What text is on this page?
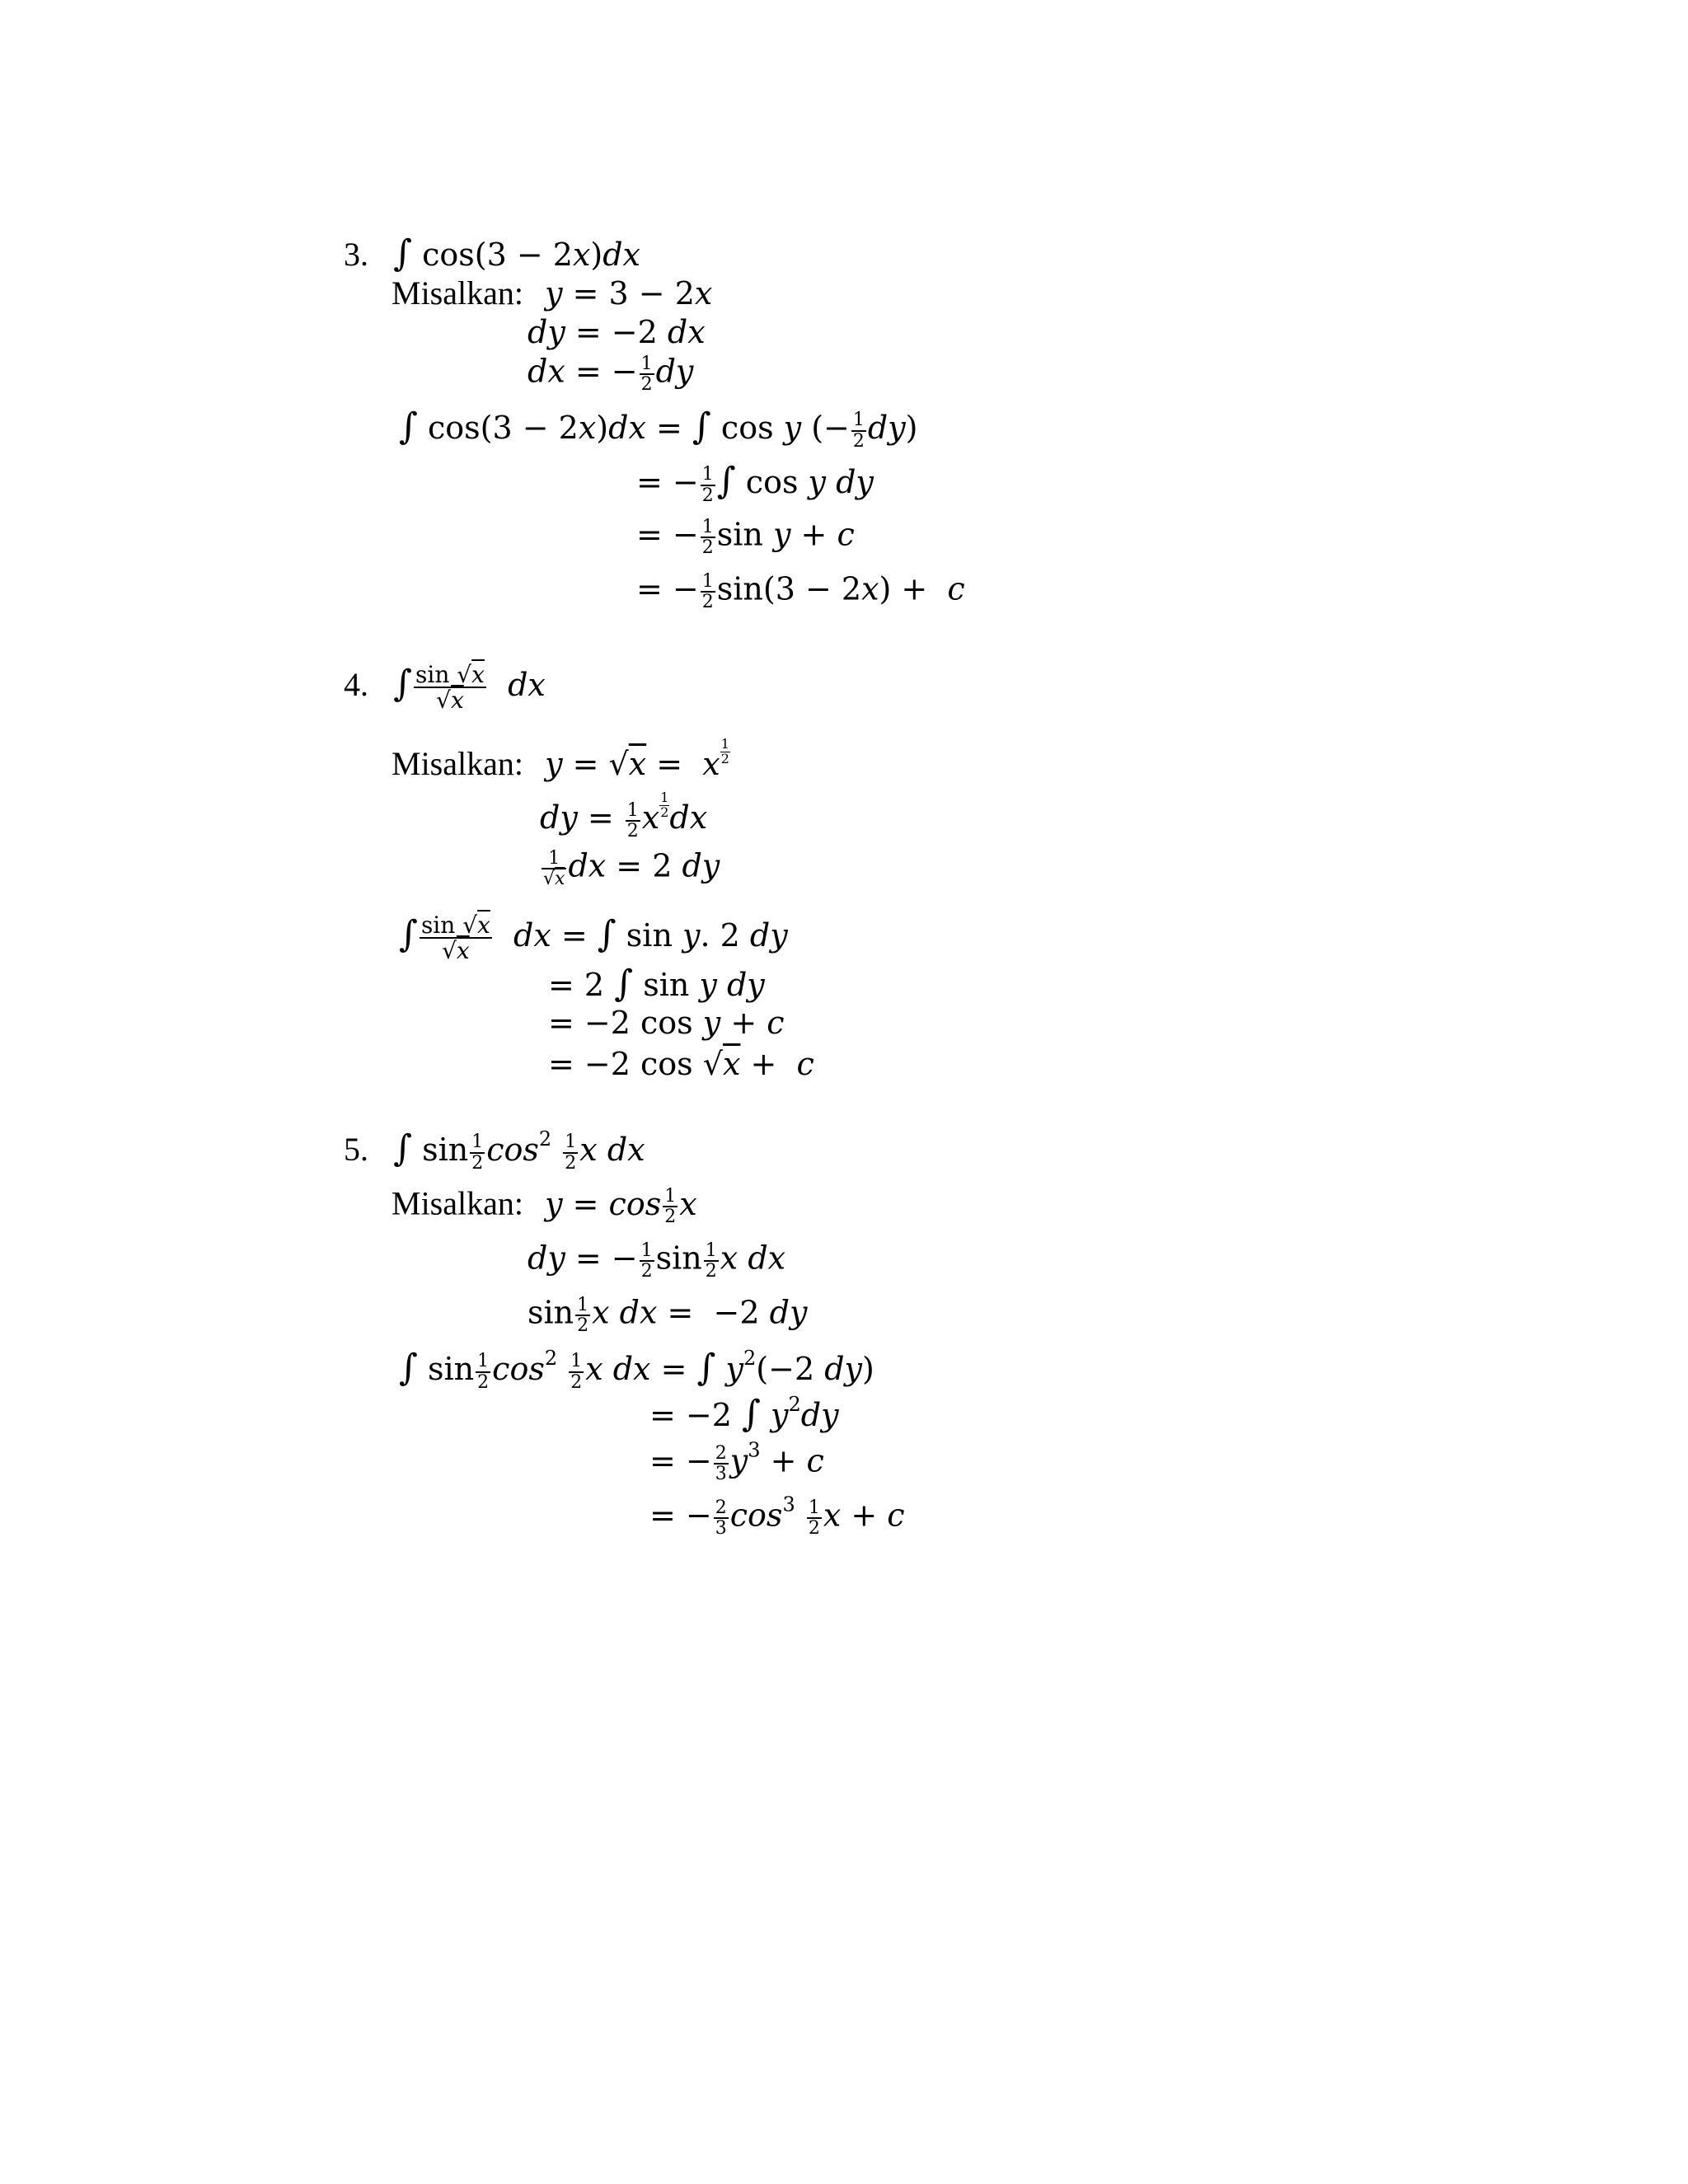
3. ∫ cos(3 − 2x)dx
Misalkan: y = 3 − 2x
dy = −2 dx
dx = − $\frac{1}{2}$ dy
∫ cos(3 − 2x)dx = ∫ cos y (− $\frac{1}{2} dy$)
= − $\frac{1}{2}$ ∫ cos y dy
= − $\frac{1}{2}$ sin y + c
= − $\frac{1}{2} \sin(3 - 2x) + c$
4. ∫ $\frac{\sin √x}{√x}$ dx
Misalkan: y = √x =  x $\frac{1}{2}$
dy = $\frac{1}{2}$ x $\frac{1}{2}$ dx
$\frac{1}{√x}$ dx = 2 dy
∫ $\frac{\sin √x}{√x}$ dx = ∫ sin y. 2 dy
= 2 ∫ sin y dy
= −2 cos y + c
= −2 cos √x +  c
5. ∫ $\sin \frac{1}{2} \cos^2 \frac{1}{2}$ x dx
Misalkan: $y = \cos \frac{1}{2}$ x
dy = − $\frac{1}{2}$ $\sin \frac{1}{2}$ x dx
$\sin \frac{1}{2}$ x dx =  −2 dy
∫ $\sin \frac{1}{2} \cos^2 \frac{1}{2}$ x dx = ∫ $y^2(-2$ dy)
= −2 ∫ $y^2dy$
= − $\frac{2}{3} y^3 + c$
= − $\frac{2}{3} \cos^3 \frac{1}{2}$ x + c
